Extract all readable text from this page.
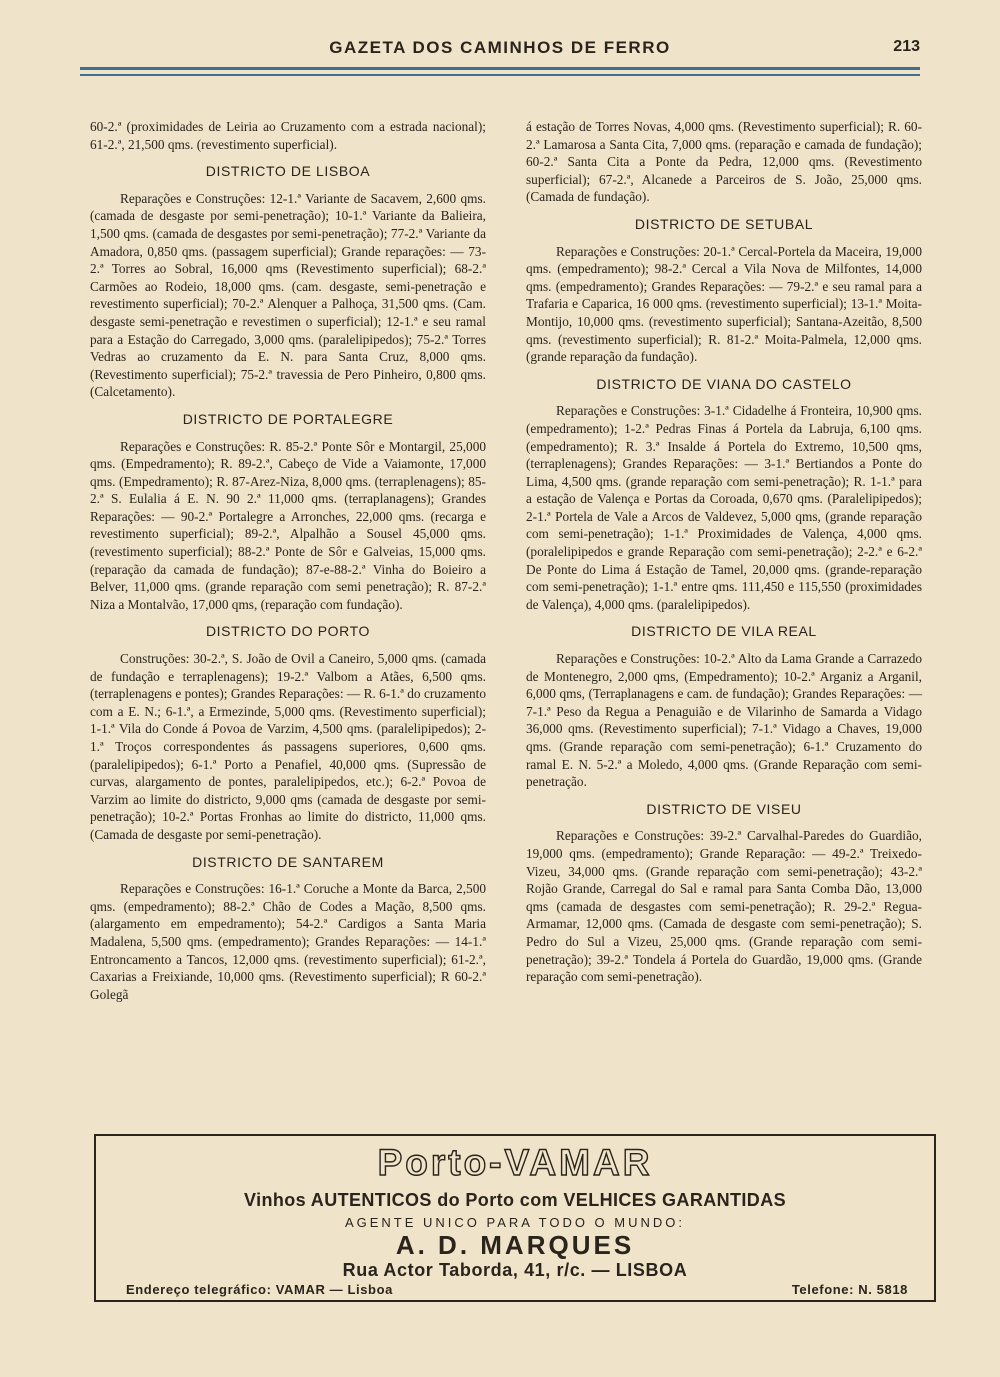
GAZETA DOS CAMINHOS DE FERRO	213

60-2.ª (proximidades de Leiria ao Cruzamento com a estrada nacional); 61-2.ª, 21,500 qms. (revestimento superficial).

DISTRICTO DE LISBOA

Reparações e Construções: 12-1.ª Variante de Sacavem, 2,600 qms. (camada de desgaste por semi-penetração); 10-1.ª Variante da Balieira, 1,500 qms. (camada de desgastes por semi-penetração); 77-2.ª Variante da Amadora, 0,850 qms. (passagem superficial); Grande reparações: — 73-2.ª Torres ao Sobral, 16,000 qms (Revestimento superficial); 68-2.ª Carmões ao Rodeio, 18,000 qms. (cam. desgaste, semi-penetração e revestimento superficial); 70-2.ª Alenquer a Palhoça, 31,500 qms. (Cam. desgaste semi-penetração e revestimen o superficial); 12-1.ª e seu ramal para a Estação do Carregado, 3,000 qms. (paralelipipedos); 75-2.ª Torres Vedras ao cruzamento da E. N. para Santa Cruz, 8,000 qms. (Revestimento superficial); 75-2.ª travessia de Pero Pinheiro, 0,800 qms. (Calcetamento).

DISTRICTO DE PORTALEGRE

Reparações e Construções: R. 85-2.ª Ponte Sôr e Montargil, 25,000 qms. (Empedramento); R. 89-2.ª, Cabeço de Vide a Vaiamonte, 17,000 qms. (Empedramento); R. 87-Arez-Niza, 8,000 qms. (terraplenagens); 85-2.ª S. Eulalia á E. N. 90 2.ª 11,000 qms. (terraplanagens); Grandes Reparações: — 90-2.ª Portalegre a Arronches, 22,000 qms. (recarga e revestimento superficial); 89-2.ª, Alpalhão a Sousel 45,000 qms. (revestimento superficial); 88-2.ª Ponte de Sôr e Galveias, 15,000 qms. (reparação da camada de fundação); 87-e-88-2.ª Vinha do Boieiro a Belver, 11,000 qms. (grande reparação com semi penetração); R. 87-2.ª Niza a Montalvão, 17,000 qms, (reparação com fundação).

DISTRICTO DO PORTO

Construções: 30-2.ª, S. João de Ovil a Caneiro, 5,000 qms. (camada de fundação e terraplenagens); 19-2.ª Valbom a Atães, 6,500 qms. (terraplenagens e pontes); Grandes Reparações: — R. 6-1.ª do cruzamento com a E. N.; 6-1.ª, a Ermezinde, 5,000 qms. (Revestimento superficial); 1-1.ª Vila do Conde á Povoa de Varzim, 4,500 qms. (paralelipipedos); 2-1.ª Troços correspondentes ás passagens superiores, 0,600 qms. (paralelipipedos); 6-1.ª Porto a Penafiel, 40,000 qms. (Supressão de curvas, alargamento de pontes, paralelipipedos, etc.); 6-2.ª Povoa de Varzim ao limite do districto, 9,000 qms (camada de desgaste por semi-penetração); 10-2.ª Portas Fronhas ao limite do districto, 11,000 qms. (Camada de desgaste por semi-penetração).

DISTRICTO DE SANTAREM

Reparações e Construções: 16-1.ª Coruche a Monte da Barca, 2,500 qms. (empedramento); 88-2.ª Chão de Codes a Mação, 8,500 qms. (alargamento em empedramento); 54-2.ª Cardigos a Santa Maria Madalena, 5,500 qms. (empedramento); Grandes Reparações: — 14-1.ª Entroncamento a Tancos, 12,000 qms. (revestimento superficial); 61-2.ª, Caxarias a Freixiande, 10,000 qms. (Revestimento superficial); R 60-2.ª Golegã

á estação de Torres Novas, 4,000 qms. (Revestimento superficial); R. 60-2.ª Lamarosa a Santa Cita, 7,000 qms. (reparação e camada de fundação); 60-2.ª Santa Cita a Ponte da Pedra, 12,000 qms. (Revestimento superficial); 67-2.ª, Alcanede a Parceiros de S. João, 25,000 qms. (Camada de fundação).

DISTRICTO DE SETUBAL

Reparações e Construções: 20-1.ª Cercal-Portela da Maceira, 19,000 qms. (empedramento); 98-2.ª Cercal a Vila Nova de Milfontes, 14,000 qms. (empedramento); Grandes Reparações: — 79-2.ª e seu ramal para a Trafaria e Caparica, 16 000 qms. (revestimento superficial); 13-1.ª Moita-Montijo, 10,000 qms. (revestimento superficial); Santana-Azeitão, 8,500 qms. (revestimento superficial); R. 81-2.ª Moita-Palmela, 12,000 qms. (grande reparação da fundação).

DISTRICTO DE VIANA DO CASTELO

Reparações e Construções: 3-1.ª Cidadelhe á Fronteira, 10,900 qms. (empedramento); 1-2.ª Pedras Finas á Portela da Labruja, 6,100 qms. (empedramento); R. 3.ª Insalde á Portela do Extremo, 10,500 qms, (terraplenagens); Grandes Reparações: — 3-1.ª Bertiandos a Ponte do Lima, 4,500 qms. (grande reparação com semi-penetração); R. 1-1.ª para a estação de Valença e Portas da Coroada, 0,670 qms. (Paralelipipedos); 2-1.ª Portela de Vale a Arcos de Valdevez, 5,000 qms, (grande reparação com semi-penetração); 1-1.ª Proximidades de Valença, 4,000 qms. (poralelipipedos e grande Reparação com semi-penetração); 2-2.ª e 6-2.ª De Ponte do Lima á Estação de Tamel, 20,000 qms. (grande-reparação com semi-penetração); 1-1.ª entre qms. 111,450 e 115,550 (proximidades de Valença), 4,000 qms. (paralelipipedos).

DISTRICTO DE VILA REAL

Reparações e Construções: 10-2.ª Alto da Lama Grande a Carrazedo de Montenegro, 2,000 qms, (Empedramento); 10-2.ª Arganiz a Arganil, 6,000 qms, (Terraplanagens e cam. de fundação); Grandes Reparações: — 7-1.ª Peso da Regua a Penaguião e de Vilarinho de Samarda a Vidago 36,000 qms. (Revestimento superficial); 7-1.ª Vidago a Chaves, 19,000 qms. (Grande reparação com semi-penetração); 6-1.ª Cruzamento do ramal E. N. 5-2.ª a Moledo, 4,000 qms. (Grande Reparação com semi-penetração.

DISTRICTO DE VISEU

Reparações e Construções: 39-2.ª Carvalhal-Paredes do Guardião, 19,000 qms. (empedramento); Grande Reparação: — 49-2.ª Treixedo-Vizeu, 34,000 qms. (Grande reparação com semi-penetração); 43-2.ª Rojão Grande, Carregal do Sal e ramal para Santa Comba Dão, 13,000 qms (camada de desgastes com semi-penetração); R. 29-2.ª Regua-Armamar, 12,000 qms. (Camada de desgaste com semi-penetração); S. Pedro do Sul a Vizeu, 25,000 qms. (Grande reparação com semi-penetração); 39-2.ª Tondela á Portela do Guardão, 19,000 qms. (Grande reparação com semi-penetração).

Porto-VAMAR
Vinhos AUTENTICOS do Porto com VELHICES GARANTIDAS
AGENTE UNICO PARA TODO O MUNDO:
A. D. MARQUES
Rua Actor Taborda, 41, r/c. — LISBOA
Endereço telegráfico: VAMAR — Lisboa	Telefone: N. 5818
